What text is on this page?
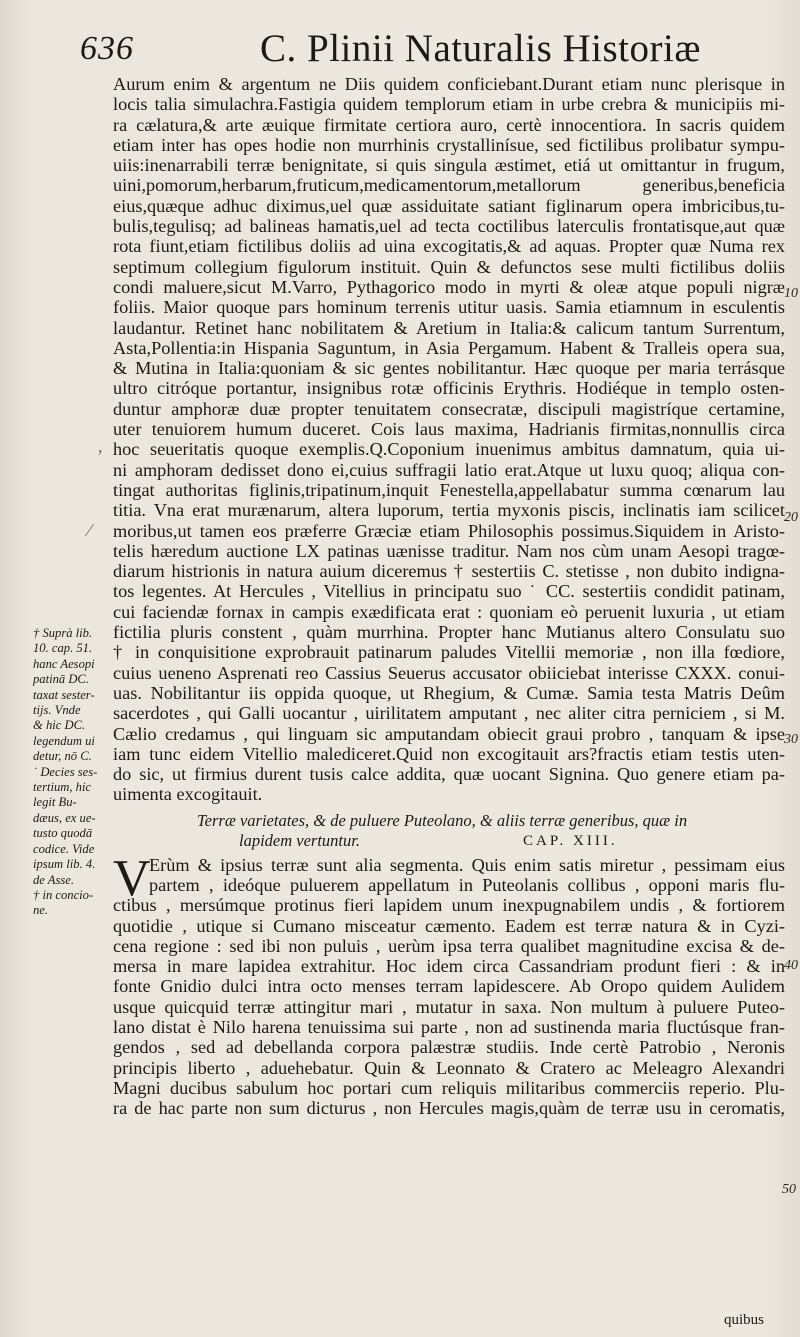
636	C. Plinii Naturalis Historiæ
Aurum enim & argentum ne Diis quidem conficiebant.Durant etiam nunc plerisque in
locis talia simulachra.Fastigia quidem templorum etiam in urbe crebra & municipiis mi-
ra cælatura,& arte æuique firmitate certiora auro, certè innocentiora. In sacris quidem
etiam inter has opes hodie non murrhinis crystallinísue, sed fictilibus prolibatur sympu-
uiis:inenarrabili terræ benignitate, si quis singula æstimet, etiá ut omittantur in frugum,
uini,pomorum,herbarum,fruticum,medicamentorum,metallorum generibus,beneficia
eius,quæque adhuc diximus,uel quæ assiduitate satiant figlinarum opera imbricibus,tu-
bulis,tegulisq; ad balineas hamatis,uel ad tecta coctilibus laterculis frontatisque,aut quæ
rota fiunt,etiam fictilibus doliis ad uina excogitatis,& ad aquas. Propter quæ Numa rex
septimum collegium figulorum instituit. Quin & defunctos sese multi fictilibus doliis
condi maluere,sicut M.Varro, Pythagorico modo in myrti & oleæ atque populi nigræ
foliis. Maior quoque pars hominum terrenis utitur uasis. Samia etiamnum in esculentis
laudantur. Retinet hanc nobilitatem & Aretium in Italia:& calicum tantum Surrentum,
Asta,Pollentia:in Hispania Saguntum, in Asia Pergamum. Habent & Tralleis opera sua,
& Mutina in Italia:quoniam & sic gentes nobilitantur. Hæc quoque per maria terrásque
ultro citróque portantur, insignibus rotæ officinis Erythris. Hodiéque in templo osten-
duntur amphoræ duæ propter tenuitatem consecratæ, discipuli magistríque certamine,
uter tenuiorem humum duceret. Cois laus maxima, Hadrianis firmitas,nonnullis circa
hoc seueritatis quoque exemplis.Q.Coponium inuenimus ambitus damnatum, quia ui-
ni amphoram dedisset dono ei,cuius suffragii latio erat.Atque ut luxu quoq; aliqua con-
tingat authoritas figlinis,tripatinum,inquit Fenestella,appellabatur summa cœnarum lau
titia. Vna erat murænarum, altera luporum, tertia myxonis piscis, inclinatis iam scilicet
moribus,ut tamen eos præferre Græciæ etiam Philosophis possimus.Siquidem in Aristo-
telis hæredum auctione LX patinas uænisse traditur. Nam nos cùm unam Aesopi tragœ-
diarum histrionis in natura auium diceremus † sestertiis C. stetisse , non dubito indigna-
tos legentes. At Hercules , Vitellius in principatu suo ˙ CC. sestertiis condidit patinam,
cui faciendæ fornax in campis exædificata erat : quoniam eò peruenit luxuria , ut etiam
fictilia pluris constent , quàm murrhina. Propter hanc Mutianus altero Consulatu suo
† in conquisitione exprobrauit patinarum paludes Vitellii memoriæ , non illa fœdiore,
cuius ueneno Asprenati reo Cassius Seuerus accusator obiiciebat interisse CXXX. conui-
uas. Nobilitantur iis oppida quoque, ut Rhegium, & Cumæ. Samia testa Matris Deûm
sacerdotes , qui Galli uocantur , uirilitatem amputant , nec aliter citra perniciem , si M.
Cælio credamus , qui linguam sic amputandam obiecit graui probro , tanquam & ipse
iam tunc eidem Vitellio malediceret.Quid non excogitauit ars?fractis etiam testis uten-
do sic, ut firmius durent tusis calce addita, quæ uocant Signina. Quo genere etiam pa-
uimenta excogitauit.
Terræ varietates, & de puluere Puteolano, & aliis terræ generibus, quæ in
lapidem vertuntur.	CAP. XIII.
V
Erùm & ipsius terræ sunt alia segmenta. Quis enim satis miretur , pessimam eius
partem , ideóque puluerem appellatum in Puteolanis collibus , opponi maris flu-
ctibus , mersúmque protinus fieri lapidem unum inexpugnabilem undis , & fortiorem
quotidie , utique si Cumano misceatur cæmento. Eadem est terræ natura & in Cyzi-
cena regione : sed ibi non puluis , uerùm ipsa terra qualibet magnitudine excisa & de-
mersa in mare lapidea extrahitur. Hoc idem circa Cassandriam produnt fieri : & in
fonte Gnidio dulci intra octo menses terram lapidescere. Ab Oropo quidem Aulidem
usque quicquid terræ attingitur mari , mutatur in saxa. Non multum à puluere Puteo-
lano distat è Nilo harena tenuissima sui parte , non ad sustinenda maria fluctúsque fran-
gendos , sed ad debellanda corpora palæstræ studiis. Inde certè Patrobio , Neronis
principis liberto , aduehebatur. Quin & Leonnato & Cratero ac Meleagro Alexandri
Magni ducibus sabulum hoc portari cum reliquis militaribus commerciis reperio. Plu-
ra de hac parte non sum dicturus , non Hercules magis,quàm de terræ usu in ceromatis,
† Suprà lib.
10. cap. 51.
hanc Aesopi
patinā DC.
taxat sester-
tijs. Vnde
& hic DC.
legendum ui
detur, nō C.
˙ Decies ses-
tertium, hic
legit Bu-
dæus, ex ue-
tusto quodā
codice. Vide
ipsum lib. 4.
de Asse.
† in concio-
ne.
10
20
30
40
50
,
⁄
quibus
